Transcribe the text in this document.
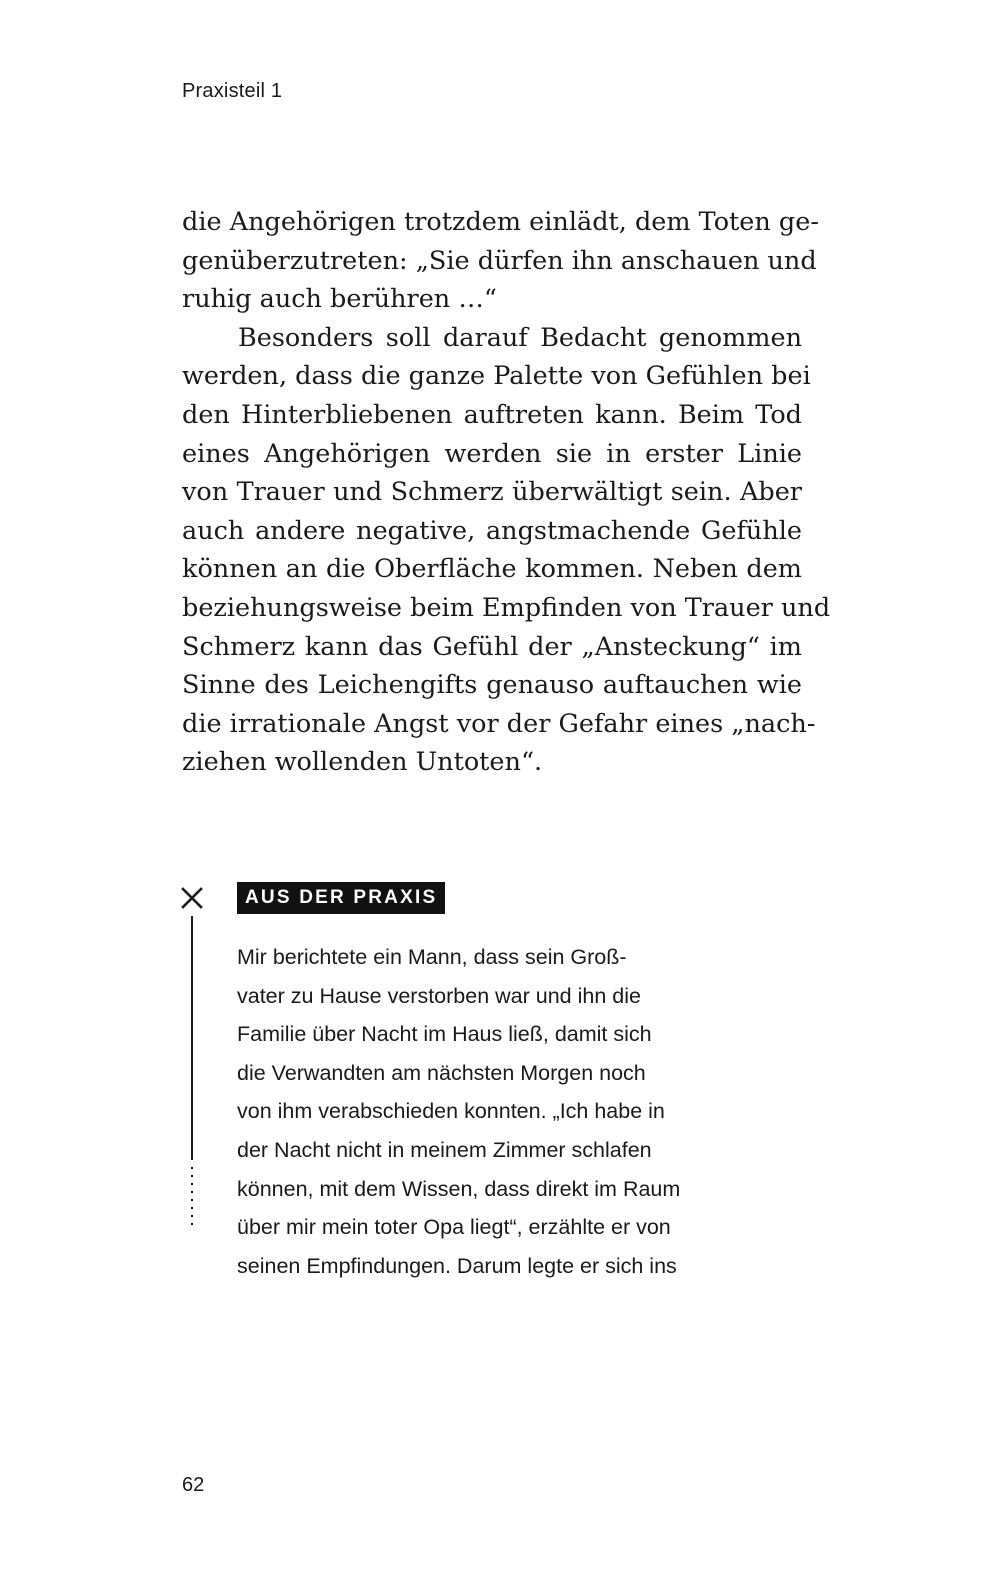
Praxisteil 1
die Angehörigen trotzdem einlädt, dem Toten ge-
genüberzutreten: „Sie dürfen ihn anschauen und
ruhig auch berühren …“
Besonders soll darauf Bedacht genommen
werden, dass die ganze Palette von Gefühlen bei
den Hinterbliebenen auftreten kann. Beim Tod
eines Angehörigen werden sie in erster Linie
von Trauer und Schmerz überwältigt sein. Aber
auch andere negative, angstmachende Gefühle
können an die Oberfläche kommen. Neben dem
beziehungsweise beim Empfinden von Trauer und
Schmerz kann das Gefühl der „Ansteckung“ im
Sinne des Leichengifts genauso auftauchen wie
die irrationale Angst vor der Gefahr eines „nach-
ziehen wollenden Untoten“.
AUS DER PRAXIS
Mir berichtete ein Mann, dass sein Groß-
vater zu Hause verstorben war und ihn die
Familie über Nacht im Haus ließ, damit sich
die Verwandten am nächsten Morgen noch
von ihm verabschieden konnten. „Ich habe in
der Nacht nicht in meinem Zimmer schlafen
können, mit dem Wissen, dass direkt im Raum
über mir mein toter Opa liegt“, erzählte er von
seinen Empfindungen. Darum legte er sich ins
62
